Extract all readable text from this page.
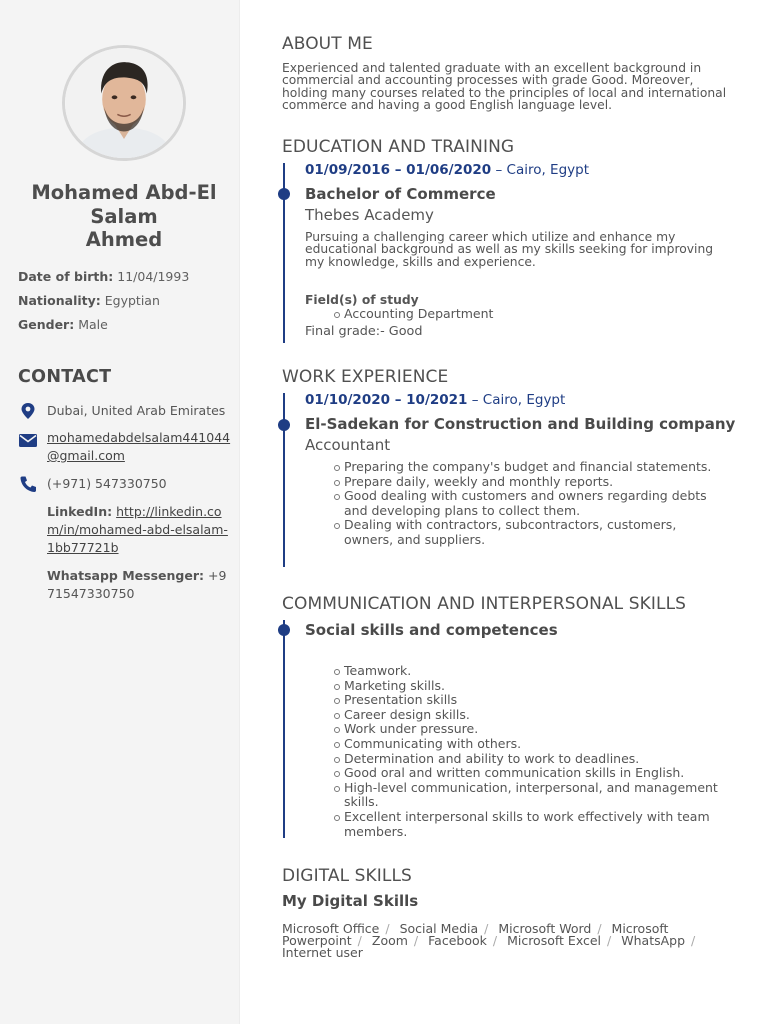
Mohamed Abd-El
Salam
Ahmed
Date of birth: 11/04/1993
Nationality: Egyptian
Gender: Male
CONTACT
Dubai, United Arab Emirates
mohamedabdelsalam441044
@gmail.com
(+971) 547330750
LinkedIn: http://linkedin.com/in/mohamed-abd-elsalam-1bb77721b
Whatsapp Messenger: +971547330750
ABOUT ME
Experienced and talented graduate with an excellent background in commercial and accounting processes with grade Good. Moreover, holding many courses related to the principles of local and international commerce and having a good English language level.
EDUCATION AND TRAINING
01/09/2016 – 01/06/2020 – Cairo, Egypt
Bachelor of Commerce
Thebes Academy
Pursuing a challenging career which utilize and enhance my educational background as well as my skills seeking for improving my knowledge, skills and experience.
Field(s) of study
Accounting Department
Final grade:- Good
WORK EXPERIENCE
01/10/2020 – 10/2021 – Cairo, Egypt
El-Sadekan for Construction and Building company
Accountant
Preparing the company's budget and financial statements.
Prepare daily, weekly and monthly reports.
Good dealing with customers and owners regarding debts and developing plans to collect them.
Dealing with contractors, subcontractors, customers, owners, and suppliers.
COMMUNICATION AND INTERPERSONAL SKILLS
Social skills and competences
Teamwork.
Marketing skills.
Presentation skills
Career design skills.
Work under pressure.
Communicating with others.
Determination and ability to work to deadlines.
Good oral and written communication skills in English.
High-level communication, interpersonal, and management skills.
Excellent interpersonal skills to work effectively with team members.
DIGITAL SKILLS
My Digital Skills
Microsoft Office / Social Media / Microsoft Word / Microsoft Powerpoint / Zoom / Facebook / Microsoft Excel / WhatsApp / Internet user
